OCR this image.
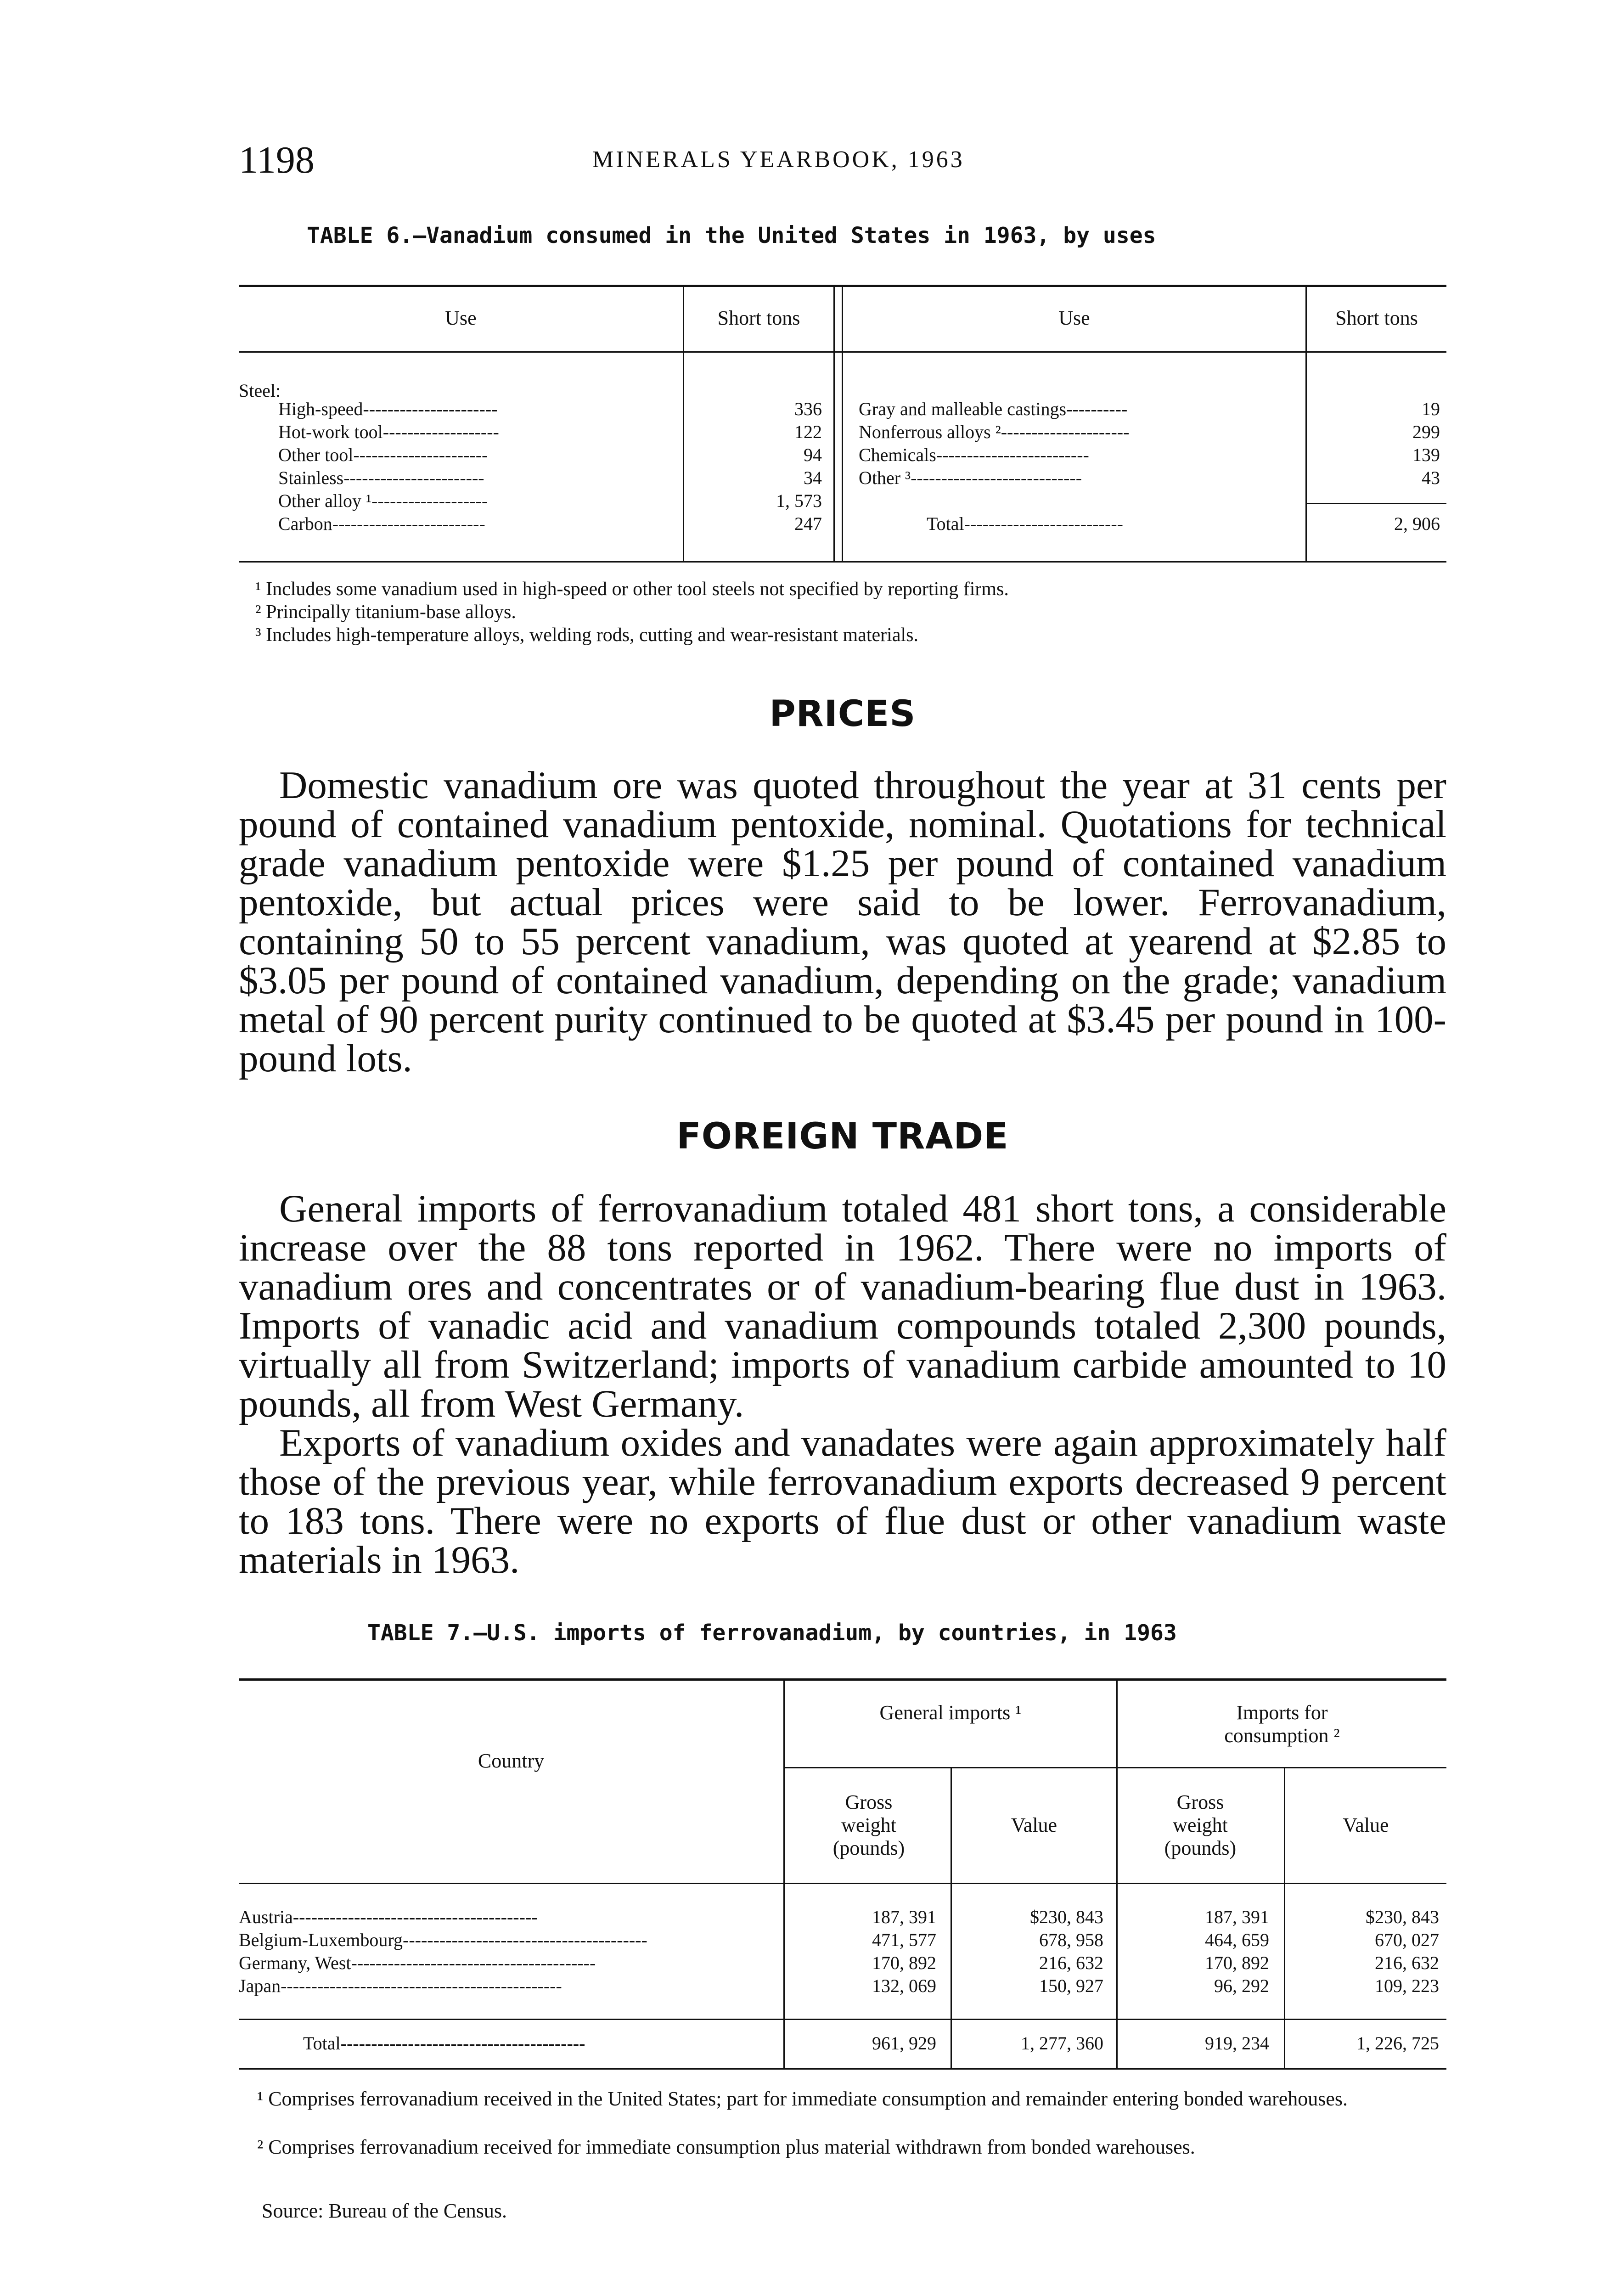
1198	MINERALS YEARBOOK, 1963
TABLE 6.—Vanadium consumed in the United States in 1963, by uses
Use	Short tons	Use	Short tons
Steel:
High-speed----------------------	336
Hot-work tool-------------------	122
Other tool----------------------	94
Stainless-----------------------	34
Other alloy ¹-------------------	1, 573
Carbon-------------------------	247
Gray and malleable castings----------	19
Nonferrous alloys ²---------------------	299
Chemicals-------------------------	139
Other ³----------------------------	43
Total--------------------------	2, 906
¹ Includes some vanadium used in high-speed or other tool steels not specified by reporting firms.
² Principally titanium-base alloys.
³ Includes high-temperature alloys, welding rods, cutting and wear-resistant materials.
PRICES

Domestic vanadium ore was quoted throughout the year at 31 cents per pound of contained vanadium pentoxide, nominal. Quotations for technical grade vanadium pentoxide were $1.25 per pound of contained vanadium pentoxide, but actual prices were said to be lower. Ferrovanadium, containing 50 to 55 percent vanadium, was quoted at yearend at $2.85 to $3.05 per pound of contained vanadium, depending on the grade; vanadium metal of 90 percent purity continued to be quoted at $3.45 per pound in 100-pound lots.

FOREIGN TRADE

General imports of ferrovanadium totaled 481 short tons, a considerable increase over the 88 tons reported in 1962. There were no imports of vanadium ores and concentrates or of vanadium-bearing flue dust in 1963. Imports of vanadic acid and vanadium compounds totaled 2,300 pounds, virtually all from Switzerland; imports of vanadium carbide amounted to 10 pounds, all from West Germany.

Exports of vanadium oxides and vanadates were again approximately half those of the previous year, while ferrovanadium exports decreased 9 percent to 183 tons. There were no exports of flue dust or other vanadium waste materials in 1963.

TABLE 7.—U.S. imports of ferrovanadium, by countries, in 1963
Country
General imports ¹	Imports for consumption ²
Gross weight (pounds)
Value
Gross weight (pounds)
Value
Austria----------------------------------------	187, 391	$230, 843	187, 391	$230, 843
Belgium-Luxembourg----------------------------------------	471, 577	678, 958	464, 659	670, 027
Germany, West----------------------------------------	170, 892	216, 632	170, 892	216, 632
Japan----------------------------------------------	132, 069	150, 927	96, 292	109, 223
Total----------------------------------------	961, 929	1, 277, 360	919, 234	1, 226, 725
¹ Comprises ferrovanadium received in the United States; part for immediate consumption and remainder entering bonded warehouses.
² Comprises ferrovanadium received for immediate consumption plus material withdrawn from bonded warehouses.
Source: Bureau of the Census.
